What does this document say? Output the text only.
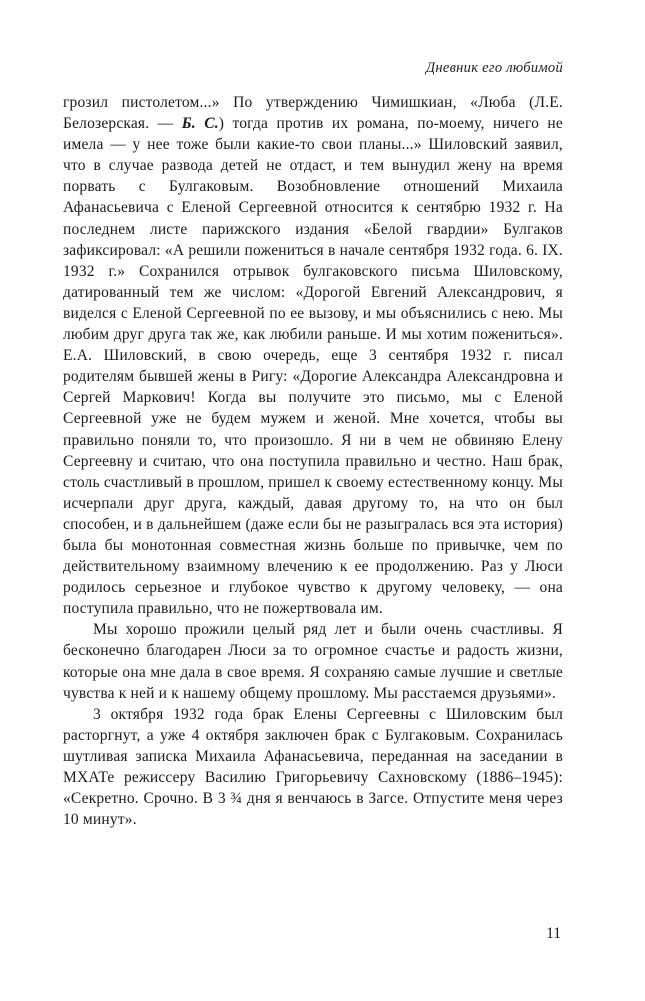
Дневник его любимой

грозил пистолетом...» По утверждению Чимишкиан, «Люба (Л.Е. Белозерская. — Б. С.) тогда против их романа, по-моему, ничего не имела — у нее тоже были какие-то свои планы...» Шиловский заявил, что в случае развода детей не отдаст, и тем вынудил жену на время порвать с Булгаковым. Возобновление отношений Михаила Афанасьевича с Еленой Сергеевной относится к сентябрю 1932 г. На последнем листе парижского издания «Белой гвардии» Булгаков зафиксировал: «А решили пожениться в начале сентября 1932 года. 6. IX. 1932 г.» Сохранился отрывок булгаковского письма Шиловскому, датированный тем же числом: «Дорогой Евгений Александрович, я виделся с Еленой Сергеевной по ее вызову, и мы объяснились с нею. Мы любим друг друга так же, как любили раньше. И мы хотим пожениться». Е.А. Шиловский, в свою очередь, еще 3 сентября 1932 г. писал родителям бывшей жены в Ригу: «Дорогие Александра Александровна и Сергей Маркович! Когда вы получите это письмо, мы с Еленой Сергеевной уже не будем мужем и женой. Мне хочется, чтобы вы правильно поняли то, что произошло. Я ни в чем не обвиняю Елену Сергеевну и считаю, что она поступила правильно и честно. Наш брак, столь счастливый в прошлом, пришел к своему естественному концу. Мы исчерпали друг друга, каждый, давая другому то, на что он был способен, и в дальнейшем (даже если бы не разыгралась вся эта история) была бы монотонная совместная жизнь больше по привычке, чем по действительному взаимному влечению к ее продолжению. Раз у Люси родилось серьезное и глубокое чувство к другому человеку, — она поступила правильно, что не пожертвовала им.

Мы хорошо прожили целый ряд лет и были очень счастливы. Я бесконечно благодарен Люси за то огромное счастье и радость жизни, которые она мне дала в свое время. Я сохраняю самые лучшие и светлые чувства к ней и к нашему общему прошлому. Мы расстаемся друзьями».

3 октября 1932 года брак Елены Сергеевны с Шиловским был расторгнут, а уже 4 октября заключен брак с Булгаковым. Сохранилась шутливая записка Михаила Афанасьевича, переданная на заседании в МХАТе режиссеру Василию Григорьевичу Сахновскому (1886–1945): «Секретно. Срочно. В 3 ¾ дня я венчаюсь в Загсе. Отпустите меня через 10 минут».

11
